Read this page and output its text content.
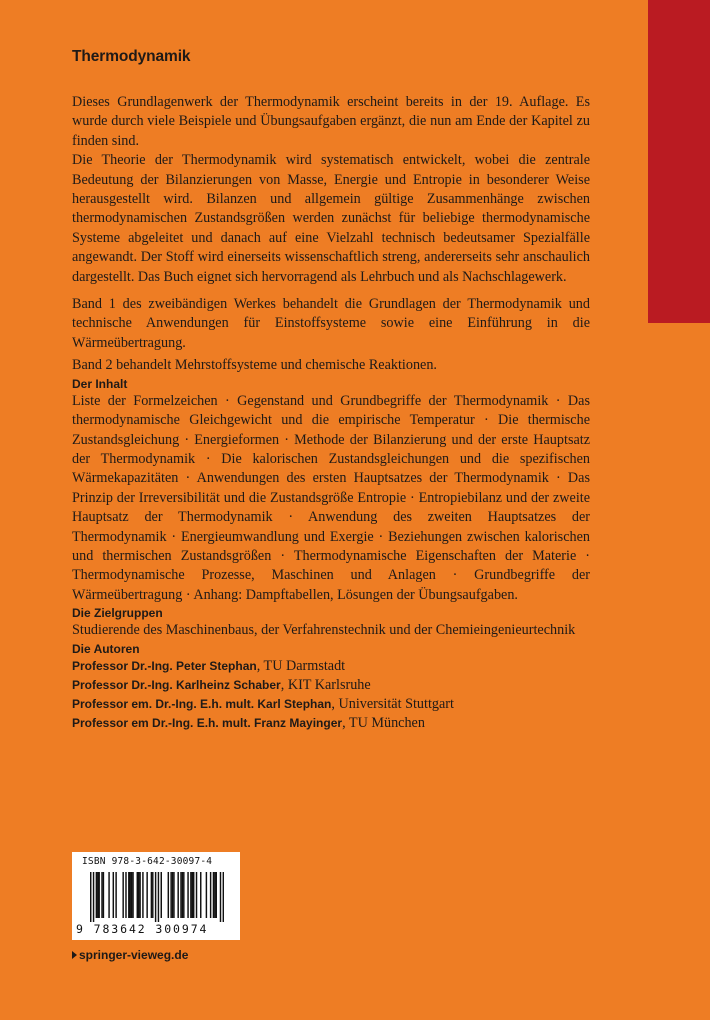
Thermodynamik

Dieses Grundlagenwerk der Thermodynamik erscheint bereits in der 19. Auflage. Es wurde durch viele Beispiele und Übungsaufgaben ergänzt, die nun am Ende der Kapitel zu finden sind.

Die Theorie der Thermodynamik wird systematisch entwickelt, wobei die zentrale Bedeutung der Bilanzierungen von Masse, Energie und Entropie in besonderer Weise herausgestellt wird. Bilanzen und allgemein gültige Zusammenhänge zwischen thermodynamischen Zustandsgrößen werden zunächst für beliebige thermodynamische Systeme abgeleitet und danach auf eine Vielzahl technisch bedeutsamer Spezialfälle angewandt. Der Stoff wird einerseits wissenschaftlich streng, andererseits sehr anschaulich dargestellt. Das Buch eignet sich hervorragend als Lehrbuch und als Nachschlagewerk.

Band 1 des zweibändigen Werkes behandelt die Grundlagen der Thermodynamik und technische Anwendungen für Einstoffsysteme sowie eine Einführung in die Wärmeübertragung.

Band 2 behandelt Mehrstoffsysteme und chemische Reaktionen.

Der Inhalt

Liste der Formelzeichen · Gegenstand und Grundbegriffe der Thermodynamik · Das thermodynamische Gleichgewicht und die empirische Temperatur · Die thermische Zustandsgleichung · Energieformen · Methode der Bilanzierung und der erste Hauptsatz der Thermodynamik · Die kalorischen Zustandsgleichungen und die spezifischen Wärmekapazitäten · Anwendungen des ersten Hauptsatzes der Thermodynamik · Das Prinzip der Irreversibilität und die Zustandsgröße Entropie · Entropiebilanz und der zweite Hauptsatz der Thermodynamik · Anwendung des zweiten Hauptsatzes der Thermodynamik · Energieumwandlung und Exergie · Beziehungen zwischen kalorischen und thermischen Zustandsgrößen · Thermodynamische Eigenschaften der Materie · Thermodynamische Prozesse, Maschinen und Anlagen · Grundbegriffe der Wärmeübertragung · Anhang: Dampftabellen, Lösungen der Übungsaufgaben.

Die Zielgruppen

Studierende des Maschinenbaus, der Verfahrenstechnik und der Chemieingenieurtechnik

Die Autoren

Professor Dr.-Ing. Peter Stephan, TU Darmstadt

Professor Dr.-Ing. Karlheinz Schaber, KIT Karlsruhe

Professor em. Dr.-Ing. E.h. mult. Karl Stephan, Universität Stuttgart

Professor em Dr.-Ing. E.h. mult. Franz Mayinger, TU München

ISBN 978-3-642-30097-4
9 783642 300974
springer-vieweg.de
